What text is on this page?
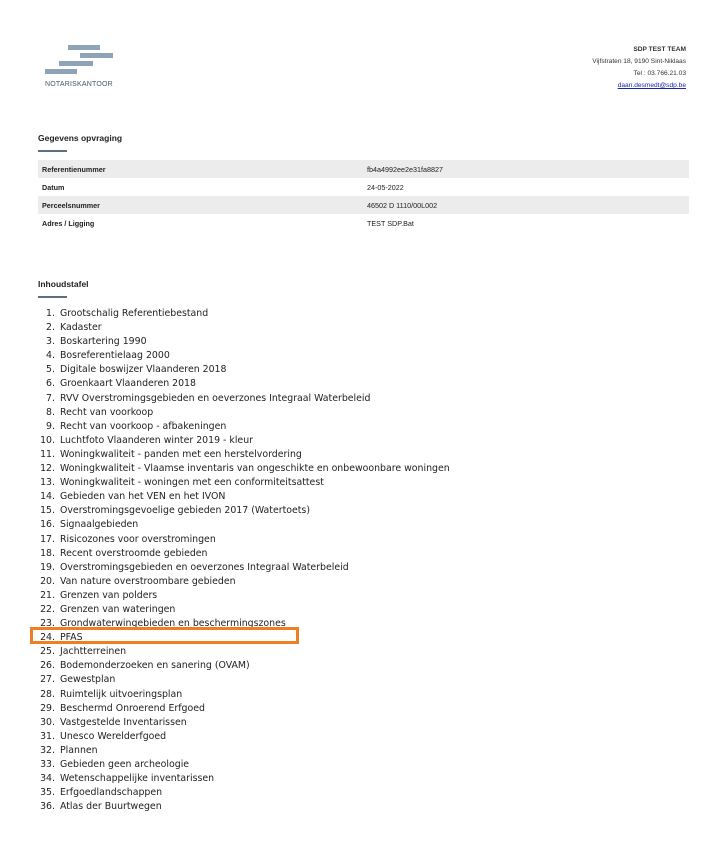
NOTARISKANTOOR
SDP TEST TEAM
Vijfstraten 18, 9190 Sint-Niklaas
Tel : 03.766.21.03
daan.desmedt@sdp.be
Gegevens opvraging
Referentienummer	fb4a4992ee2e31fa8827
Datum	24-05-2022
Perceelsnummer	46502 D 1110/00L002
Adres / Ligging	TEST SDP.Bat
Inhoudstafel
1. Grootschalig Referentiebestand
2. Kadaster
3. Boskartering 1990
4. Bosreferentielaag 2000
5. Digitale boswijzer Vlaanderen 2018
6. Groenkaart Vlaanderen 2018
7. RVV Overstromingsgebieden en oeverzones Integraal Waterbeleid
8. Recht van voorkoop
9. Recht van voorkoop - afbakeningen
10. Luchtfoto Vlaanderen winter 2019 - kleur
11. Woningkwaliteit - panden met een herstelvordering
12. Woningkwaliteit - Vlaamse inventaris van ongeschikte en onbewoonbare woningen
13. Woningkwaliteit - woningen met een conformiteitsattest
14. Gebieden van het VEN en het IVON
15. Overstromingsgevoelige gebieden 2017 (Watertoets)
16. Signaalgebieden
17. Risicozones voor overstromingen
18. Recent overstroomde gebieden
19. Overstromingsgebieden en oeverzones Integraal Waterbeleid
20. Van nature overstroombare gebieden
21. Grenzen van polders
22. Grenzen van wateringen
23. Grondwaterwingebieden en beschermingszones
24. PFAS
25. Jachtterreinen
26. Bodemonderzoeken en sanering (OVAM)
27. Gewestplan
28. Ruimtelijk uitvoeringsplan
29. Beschermd Onroerend Erfgoed
30. Vastgestelde Inventarissen
31. Unesco Werelderfgoed
32. Plannen
33. Gebieden geen archeologie
34. Wetenschappelijke inventarissen
35. Erfgoedlandschappen
36. Atlas der Buurtwegen
